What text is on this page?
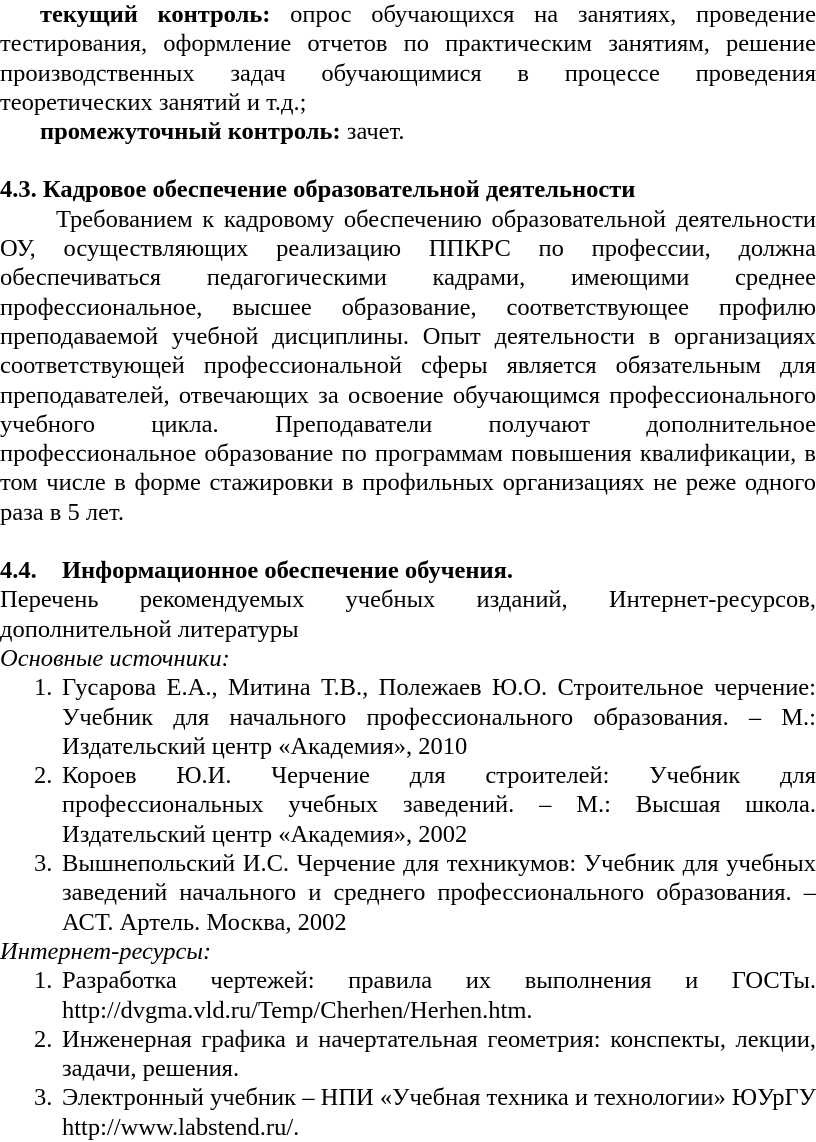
текущий контроль: опрос обучающихся на занятиях, проведение тестирования, оформление отчетов по практическим занятиям, решение производственных задач обучающимися в процессе проведения теоретических занятий и т.д.;

промежуточный контроль: зачет.

4.3. Кадровое обеспечение образовательной деятельности

Требованием к кадровому обеспечению образовательной деятельности ОУ, осуществляющих реализацию ППКРС по профессии, должна обеспечиваться педагогическими кадрами, имеющими среднее профессиональное, высшее образование, соответствующее профилю преподаваемой учебной дисциплины. Опыт деятельности в организациях соответствующей профессиональной сферы является обязательным для преподавателей, отвечающих за освоение обучающимся профессионального учебного цикла. Преподаватели получают дополнительное профессиональное образование по программам повышения квалификации, в том числе в форме стажировки в профильных организациях не реже одного раза в 5 лет.

4.4. Информационное обеспечение обучения.

Перечень рекомендуемых учебных изданий, Интернет-ресурсов, дополнительной литературы

Основные источники:

1. Гусарова Е.А., Митина Т.В., Полежаев Ю.О. Строительное черчение: Учебник для начального профессионального образования. – М.: Издательский центр «Академия», 2010
2. Короев Ю.И. Черчение для строителей: Учебник для профессиональных учебных заведений. – М.: Высшая школа. Издательский центр «Академия», 2002
3. Вышнепольский И.С. Черчение для техникумов: Учебник для учебных заведений начального и среднего профессионального образования. – АСТ. Артель. Москва, 2002

Интернет-ресурсы:

1. Разработка чертежей: правила их выполнения и ГОСТы. http://dvgma.vld.ru/Temp/Cherhen/Herhen.htm.
2. Инженерная графика и начертательная геометрия: конспекты, лекции, задачи, решения.
3. Электронный учебник – НПИ «Учебная техника и технологии» ЮУрГУ http://www.labstend.ru/.
